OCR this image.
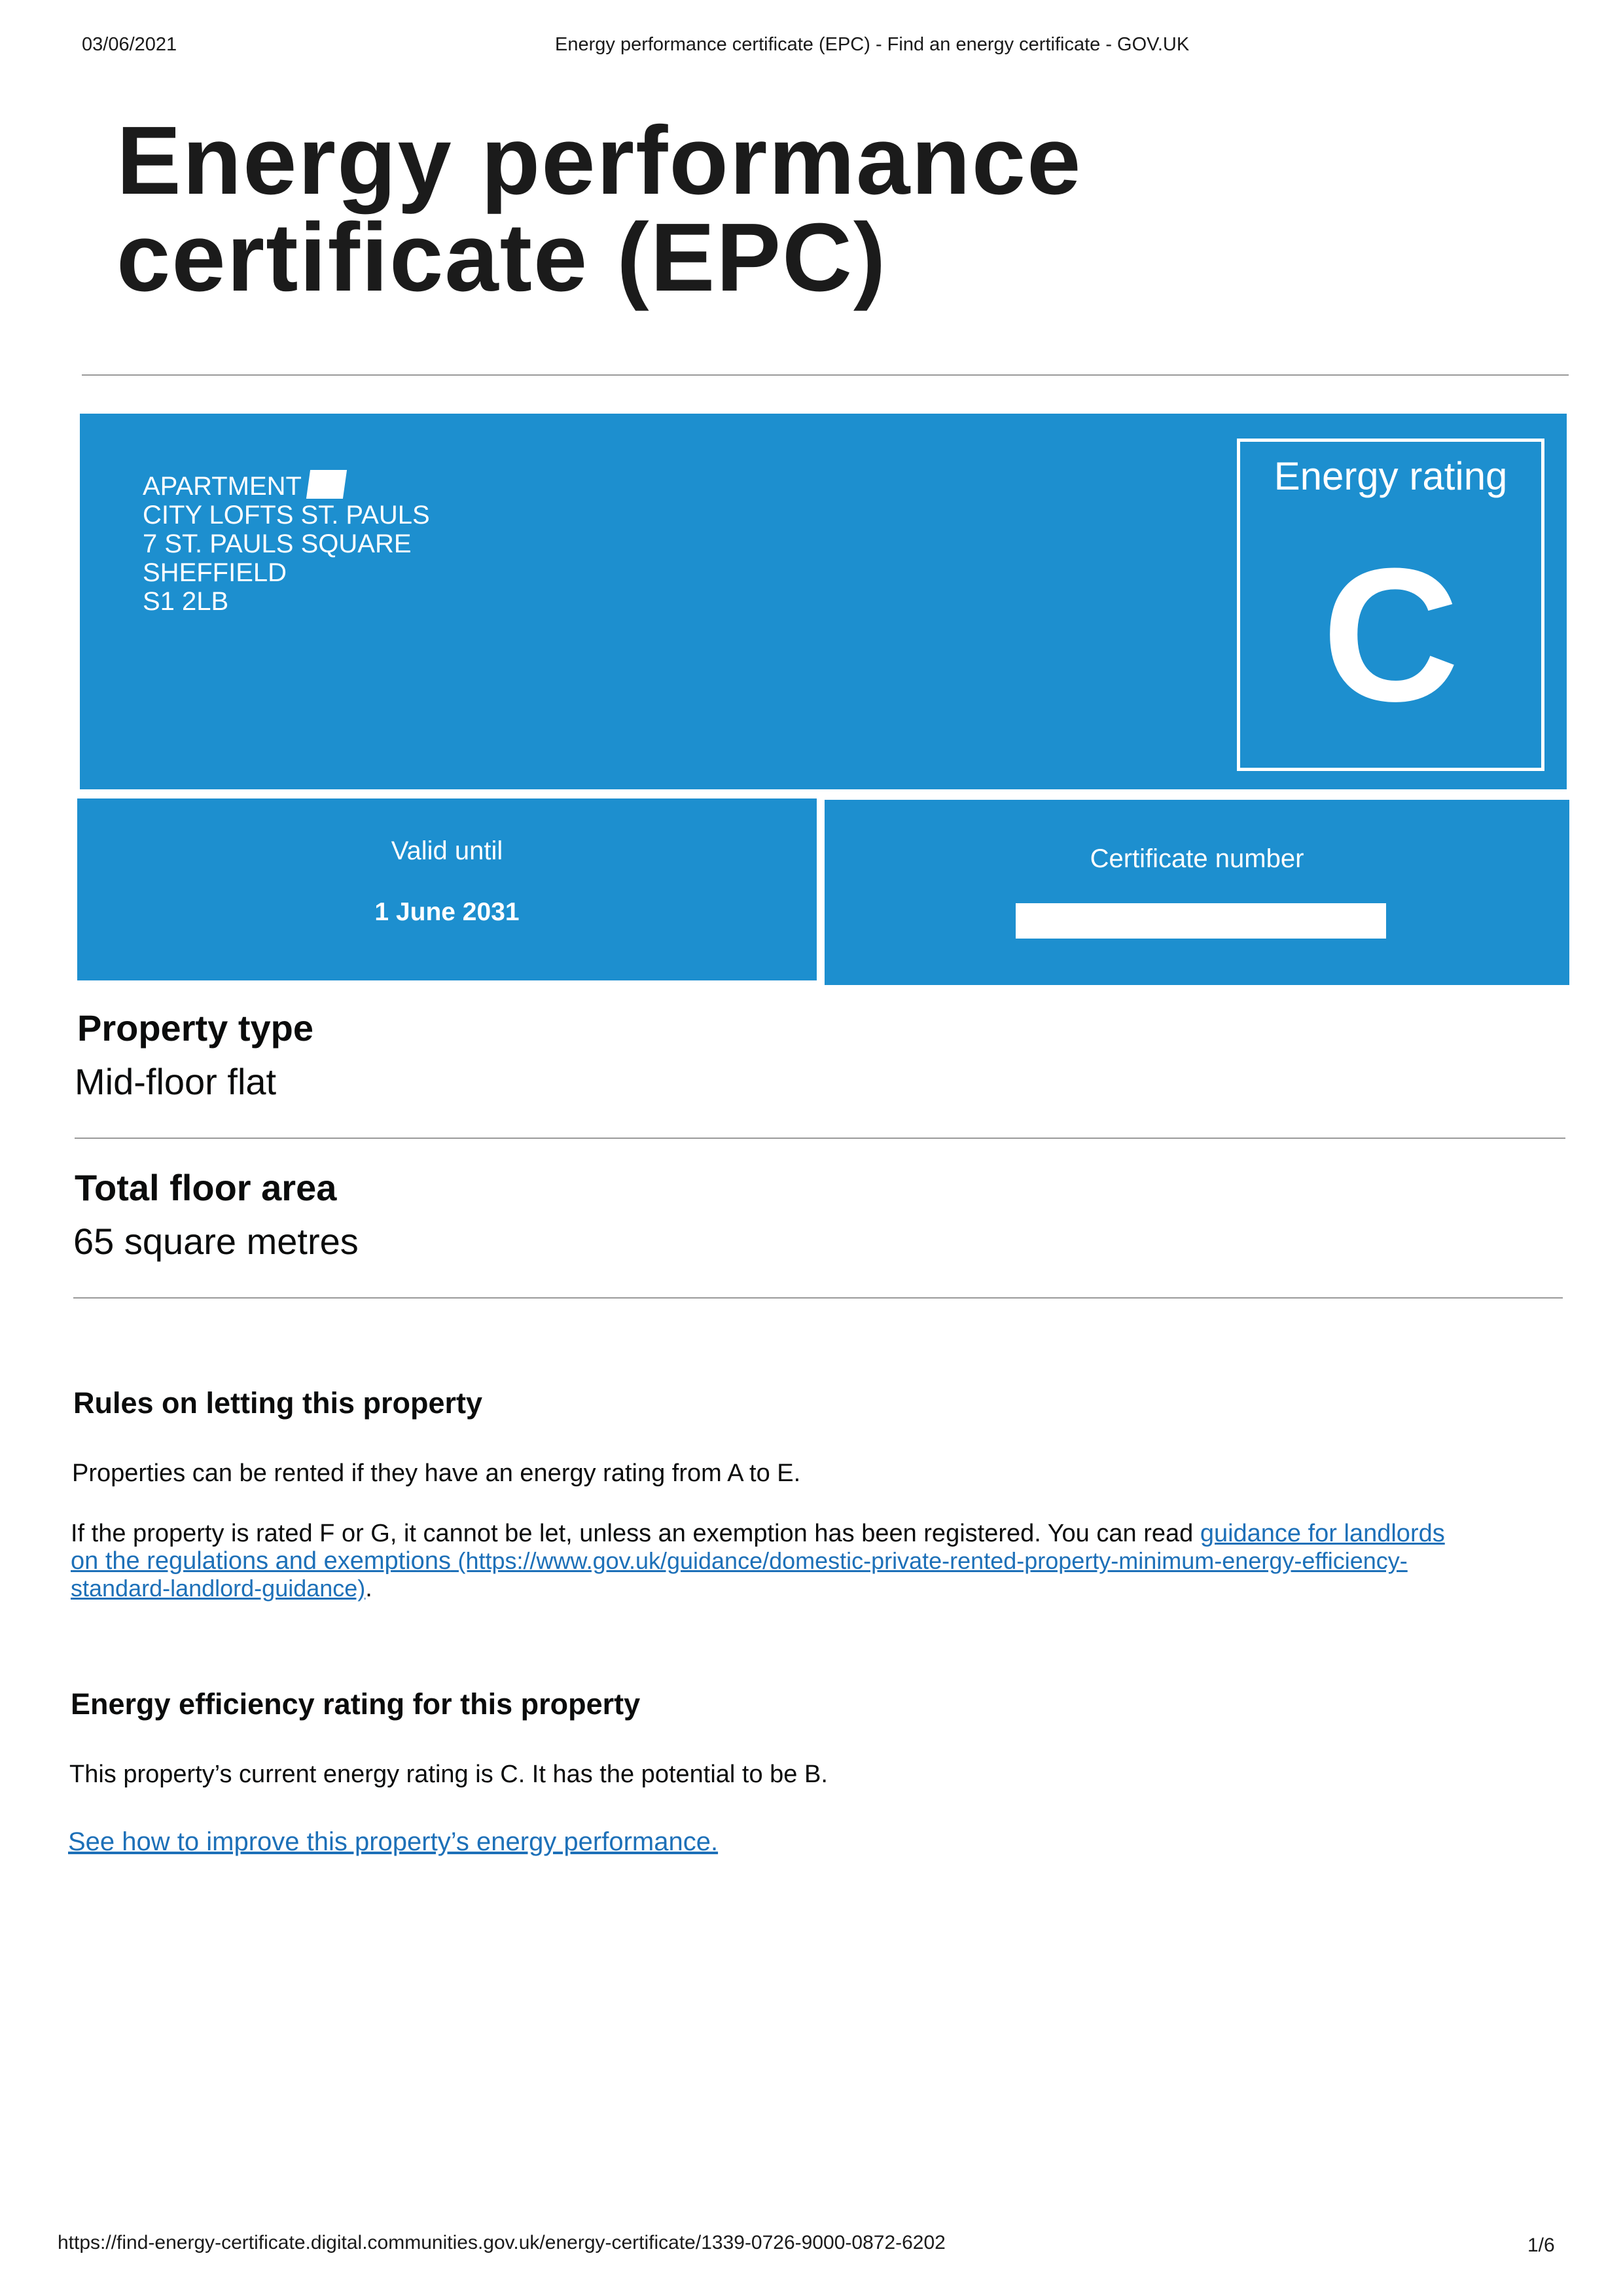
03/06/2021	Energy performance certificate (EPC) - Find an energy certificate - GOV.UK
Energy performance certificate (EPC)
APARTMENT
CITY LOFTS ST. PAULS
7 ST. PAULS SQUARE
SHEFFIELD
S1 2LB
Energy rating
C
Valid until
1 June 2031
Certificate number
Property type
Mid-floor flat
Total floor area
65 square metres
Rules on letting this property
Properties can be rented if they have an energy rating from A to E.
If the property is rated F or G, it cannot be let, unless an exemption has been registered. You can read guidance for landlords
on the regulations and exemptions (https://www.gov.uk/guidance/domestic-private-rented-property-minimum-energy-efficiency-
standard-landlord-guidance).
Energy efficiency rating for this property
This property’s current energy rating is C. It has the potential to be B.
See how to improve this property’s energy performance.
https://find-energy-certificate.digital.communities.gov.uk/energy-certificate/1339-0726-9000-0872-6202	1/6
